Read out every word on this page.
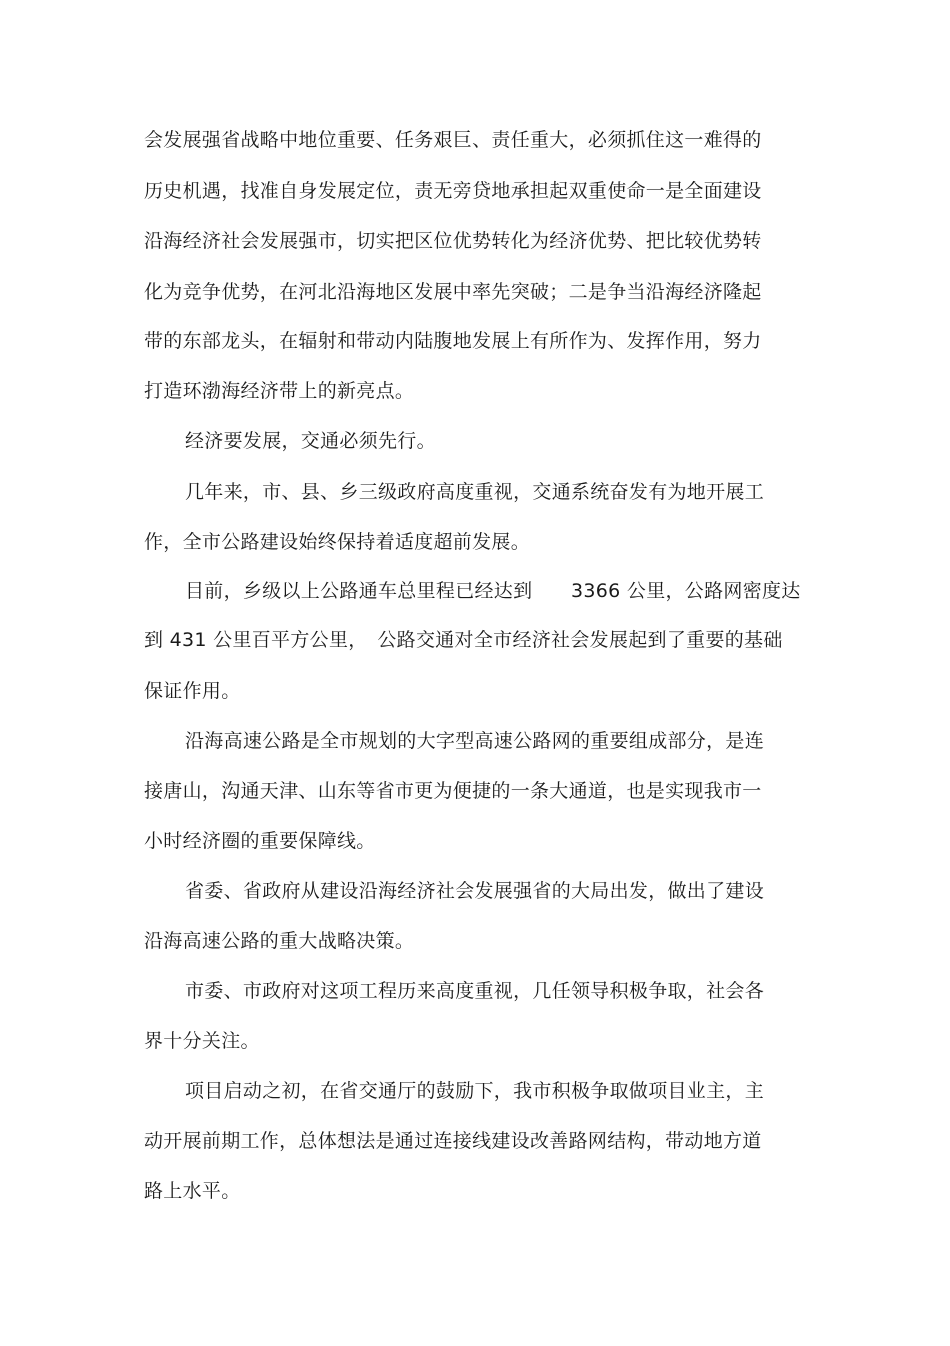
会发展强省战略中地位重要、任务艰巨、责任重大，必须抓住这一难得的
历史机遇，找准自身发展定位，责无旁贷地承担起双重使命一是全面建设
沿海经济社会发展强市，切实把区位优势转化为经济优势、把比较优势转
化为竞争优势，在河北沿海地区发展中率先突破；二是争当沿海经济隆起
带的东部龙头，在辐射和带动内陆腹地发展上有所作为、发挥作用，努力
打造环渤海经济带上的新亮点。
经济要发展，交通必须先行。
几年来，市、县、乡三级政府高度重视，交通系统奋发有为地开展工
作，全市公路建设始终保持着适度超前发展。
目前，乡级以上公路通车总里程已经达到　　3366 公里，公路网密度达
到 431 公里百平方公里，　公路交通对全市经济社会发展起到了重要的基础
保证作用。
沿海高速公路是全市规划的大字型高速公路网的重要组成部分，是连
接唐山，沟通天津、山东等省市更为便捷的一条大通道，也是实现我市一
小时经济圈的重要保障线。
省委、省政府从建设沿海经济社会发展强省的大局出发，做出了建设
沿海高速公路的重大战略决策。
市委、市政府对这项工程历来高度重视，几任领导积极争取，社会各
界十分关注。
项目启动之初，在省交通厅的鼓励下，我市积极争取做项目业主，主
动开展前期工作，总体想法是通过连接线建设改善路网结构，带动地方道
路上水平。
